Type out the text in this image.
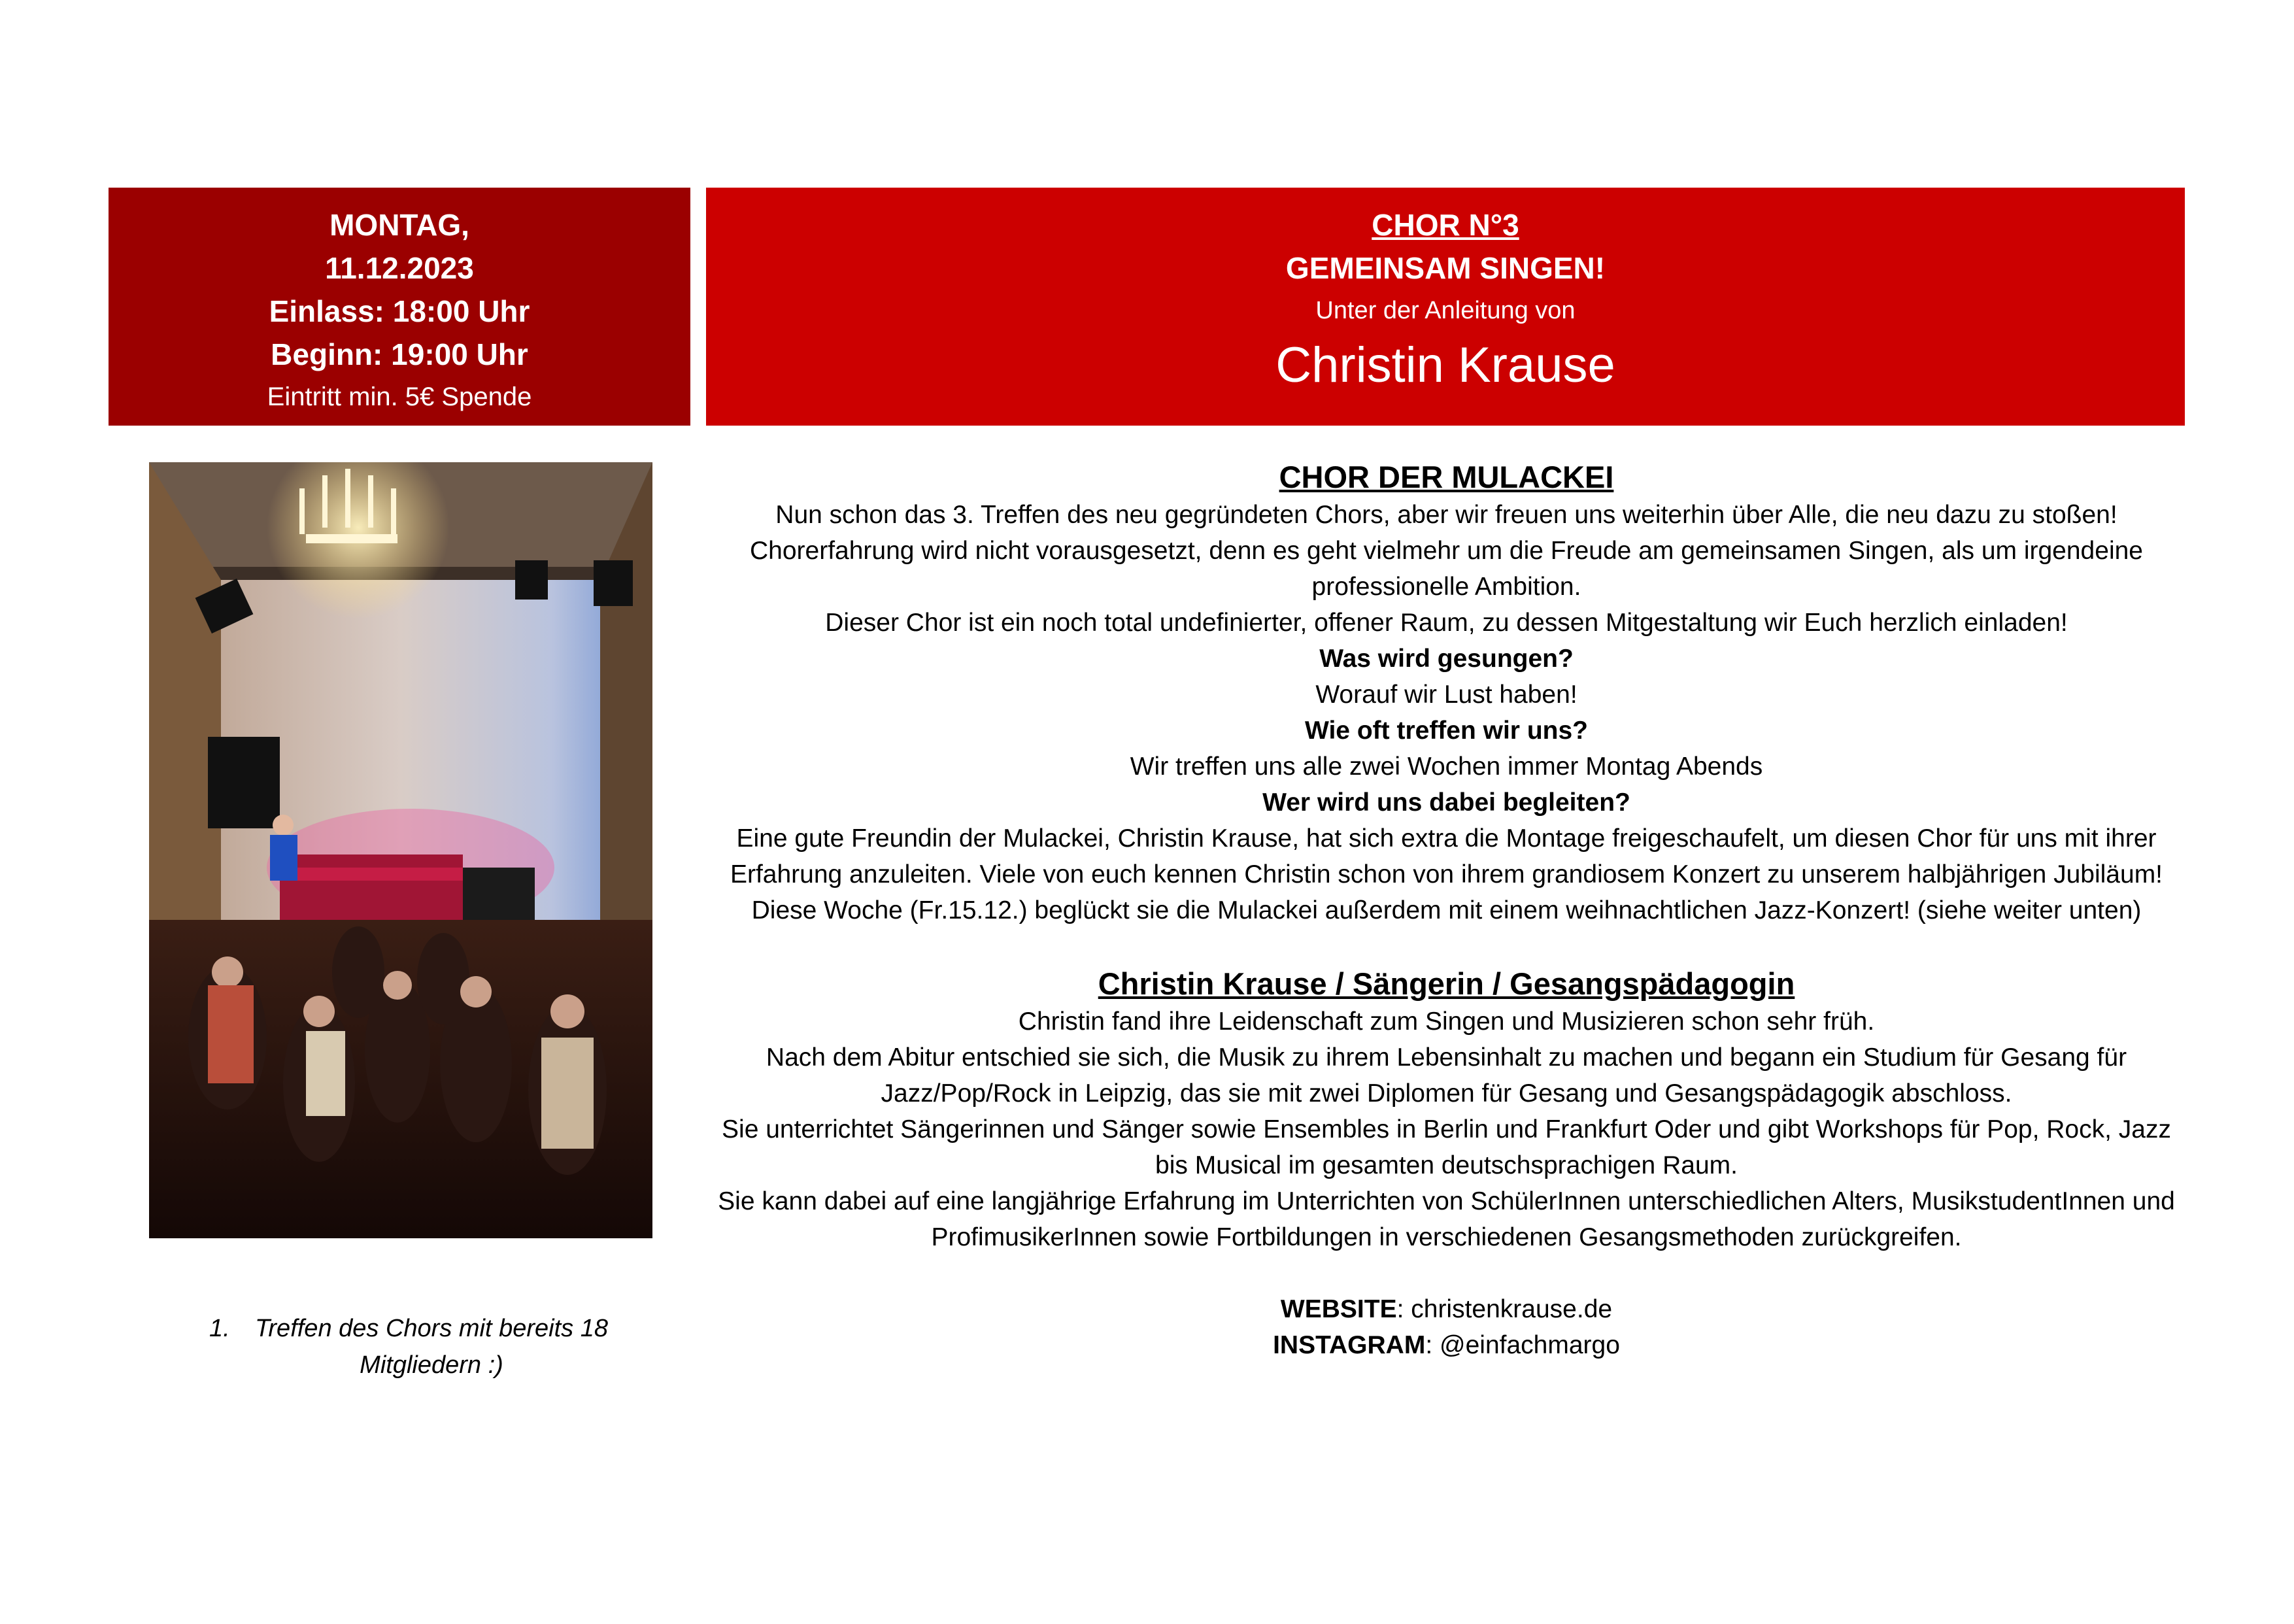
MONTAG,
11.12.2023
Einlass: 18:00 Uhr
Beginn: 19:00 Uhr
Eintritt min. 5€ Spende
CHOR N°3
GEMEINSAM SINGEN!
Unter der Anleitung von
Christin Krause
1. Treffen des Chors mit bereits 18 Mitgliedern :)

CHOR DER MULACKEI

Nun schon das 3. Treffen des neu gegründeten Chors, aber wir freuen uns weiterhin über Alle, die neu dazu zu stoßen!

Chorerfahrung wird nicht vorausgesetzt, denn es geht vielmehr um die Freude am gemeinsamen Singen, als um irgendeine professionelle Ambition.

Dieser Chor ist ein noch total undefinierter, offener Raum, zu dessen Mitgestaltung wir Euch herzlich einladen!

Was wird gesungen?

Worauf wir Lust haben!

Wie oft treffen wir uns?

Wir treffen uns alle zwei Wochen immer Montag Abends

Wer wird uns dabei begleiten?

Eine gute Freundin der Mulackei, Christin Krause, hat sich extra die Montage freigeschaufelt, um diesen Chor für uns mit ihrer Erfahrung anzuleiten. Viele von euch kennen Christin schon von ihrem grandiosem Konzert zu unserem halbjährigen Jubiläum!

Diese Woche (Fr.15.12.) beglückt sie die Mulackei außerdem mit einem weihnachtlichen Jazz-Konzert! (siehe weiter unten)

Christin Krause / Sängerin / Gesangspädagogin

Christin fand ihre Leidenschaft zum Singen und Musizieren schon sehr früh.

Nach dem Abitur entschied sie sich, die Musik zu ihrem Lebensinhalt zu machen und begann ein Studium für Gesang für Jazz/Pop/Rock in Leipzig, das sie mit zwei Diplomen für Gesang und Gesangspädagogik abschloss.

Sie unterrichtet Sängerinnen und Sänger sowie Ensembles in Berlin und Frankfurt Oder und gibt Workshops für Pop, Rock, Jazz bis Musical im gesamten deutschsprachigen Raum.

Sie kann dabei auf eine langjährige Erfahrung im Unterrichten von SchülerInnen unterschiedlichen Alters, MusikstudentInnen und ProfimusikerInnen sowie Fortbildungen in verschiedenen Gesangsmethoden zurückgreifen.

WEBSITE: christenkrause.de

INSTAGRAM: @einfachmargo
